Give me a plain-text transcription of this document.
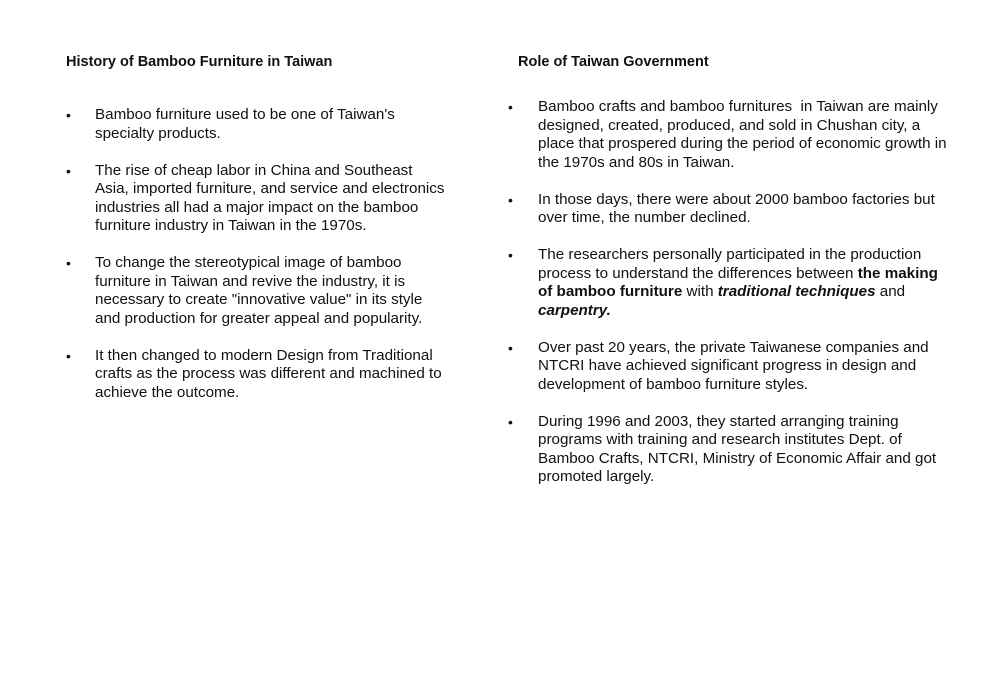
History of Bamboo Furniture in Taiwan
• Bamboo furniture used to be one of Taiwan's specialty products.
• The rise of cheap labor in China and Southeast Asia, imported furniture, and service and electronics industries all had a major impact on the bamboo furniture industry in Taiwan in the 1970s.
• To change the stereotypical image of bamboo furniture in Taiwan and revive the industry, it is necessary to create "innovative value" in its style and production for greater appeal and popularity.
• It then changed to modern Design from Traditional crafts as the process was different and machined to achieve the outcome.
Role of Taiwan Government
• Bamboo crafts and bamboo furnitures  in Taiwan are mainly designed, created, produced, and sold in Chushan city, a place that prospered during the period of economic growth in the 1970s and 80s in Taiwan.
• In those days, there were about 2000 bamboo factories but over time, the number declined.
• The researchers personally participated in the production process to understand the differences between the making of bamboo furniture with traditional techniques and carpentry.
• Over past 20 years, the private Taiwanese companies and NTCRI have achieved significant progress in design and development of bamboo furniture styles.
• During 1996 and 2003, they started arranging training programs with training and research institutes Dept. of Bamboo Crafts, NTCRI, Ministry of Economic Affair and got promoted largely.
